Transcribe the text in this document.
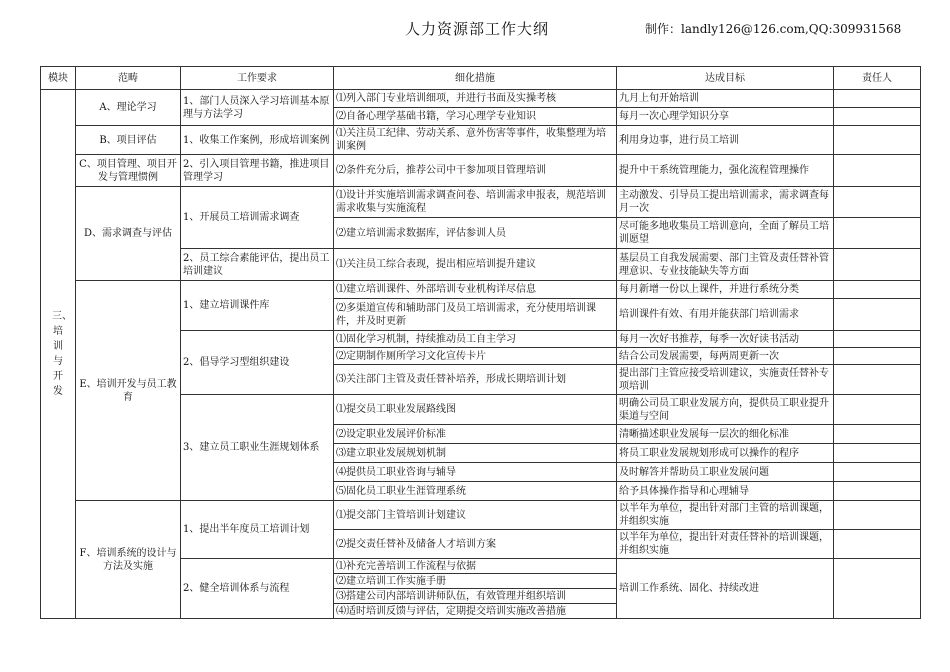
人力资源部工作大纲	制作：landly126@126.com,QQ:309931568
模块	范畴	工作要求	细化措施	达成目标	责任人
三、培训与开发	A、理论学习	1、部门人员深入学习培训基本原理与方法学习	⑴列入部门专业培训细项，并进行书面及实操考核	九月上旬开始培训	
			⑵自备心理学基础书籍，学习心理学专业知识	每月一次心理学知识分享	
	B、项目评估	1、收集工作案例，形成培训案例	⑴关注员工纪律、劳动关系、意外伤害等事件，收集整理为培训案例	利用身边事，进行员工培训	
	C、项目管理、项目开发与管理惯例	2、引入项目管理书籍，推进项目管理学习	⑵条件充分后，推荐公司中干参加项目管理培训	提升中干系统管理能力，强化流程管理操作	
	D、需求调查与评估	1、开展员工培训需求调查	⑴设计并实施培训需求调查问卷、培训需求申报表，规范培训需求收集与实施流程	主动激发、引导员工提出培训需求，需求调查每月一次	
			⑵建立培训需求数据库，评估参训人员	尽可能多地收集员工培训意向，全面了解员工培训愿望	
		2、员工综合素能评估，提出员工培训建议	⑴关注员工综合表现，提出相应培训提升建议	基层员工自我发展需要、部门主管及责任替补管理意识、专业技能缺失等方面	
	E、培训开发与员工教育	1、建立培训课件库	⑴建立培训课件、外部培训专业机构详尽信息	每月新增一份以上课件，并进行系统分类	
			⑵多渠道宣传和辅助部门及员工培训需求，充分使用培训课件，并及时更新	培训课件有效、有用并能获部门培训需求	
		2、倡导学习型组织建设	⑴固化学习机制，持续推动员工自主学习	每月一次好书推荐，每季一次好读书活动	
			⑵定期制作厕所学习文化宣传卡片	结合公司发展需要，每两周更新一次	
			⑶关注部门主管及责任替补培养，形成长期培训计划	提出部门主管应接受培训建议，实施责任替补专项培训	
		3、建立员工职业生涯规划体系	⑴提交员工职业发展路线图	明确公司员工职业发展方向，提供员工职业提升渠道与空间	
			⑵设定职业发展评价标准	清晰描述职业发展每一层次的细化标准	
			⑶建立职业发展规划机制	将员工职业发展规划形成可以操作的程序	
			⑷提供员工职业咨询与辅导	及时解答并帮助员工职业发展问题	
			⑸固化员工职业生涯管理系统	给予具体操作指导和心理辅导	
	F、培训系统的设计与方法及实施	1、提出半年度员工培训计划	⑴提交部门主管培训计划建议	以半年为单位，提出针对部门主管的培训课题，并组织实施	
			⑵提交责任替补及储备人才培训方案	以半年为单位，提出针对责任替补的培训课题，并组织实施	
		2、健全培训体系与流程	⑴补充完善培训工作流程与依据	培训工作系统、固化、持续改进	
			⑵建立培训工作实施手册		
			⑶搭建公司内部培训讲师队伍，有效管理并组织培训		
			⑷适时培训反馈与评估，定期提交培训实施改善措施		
